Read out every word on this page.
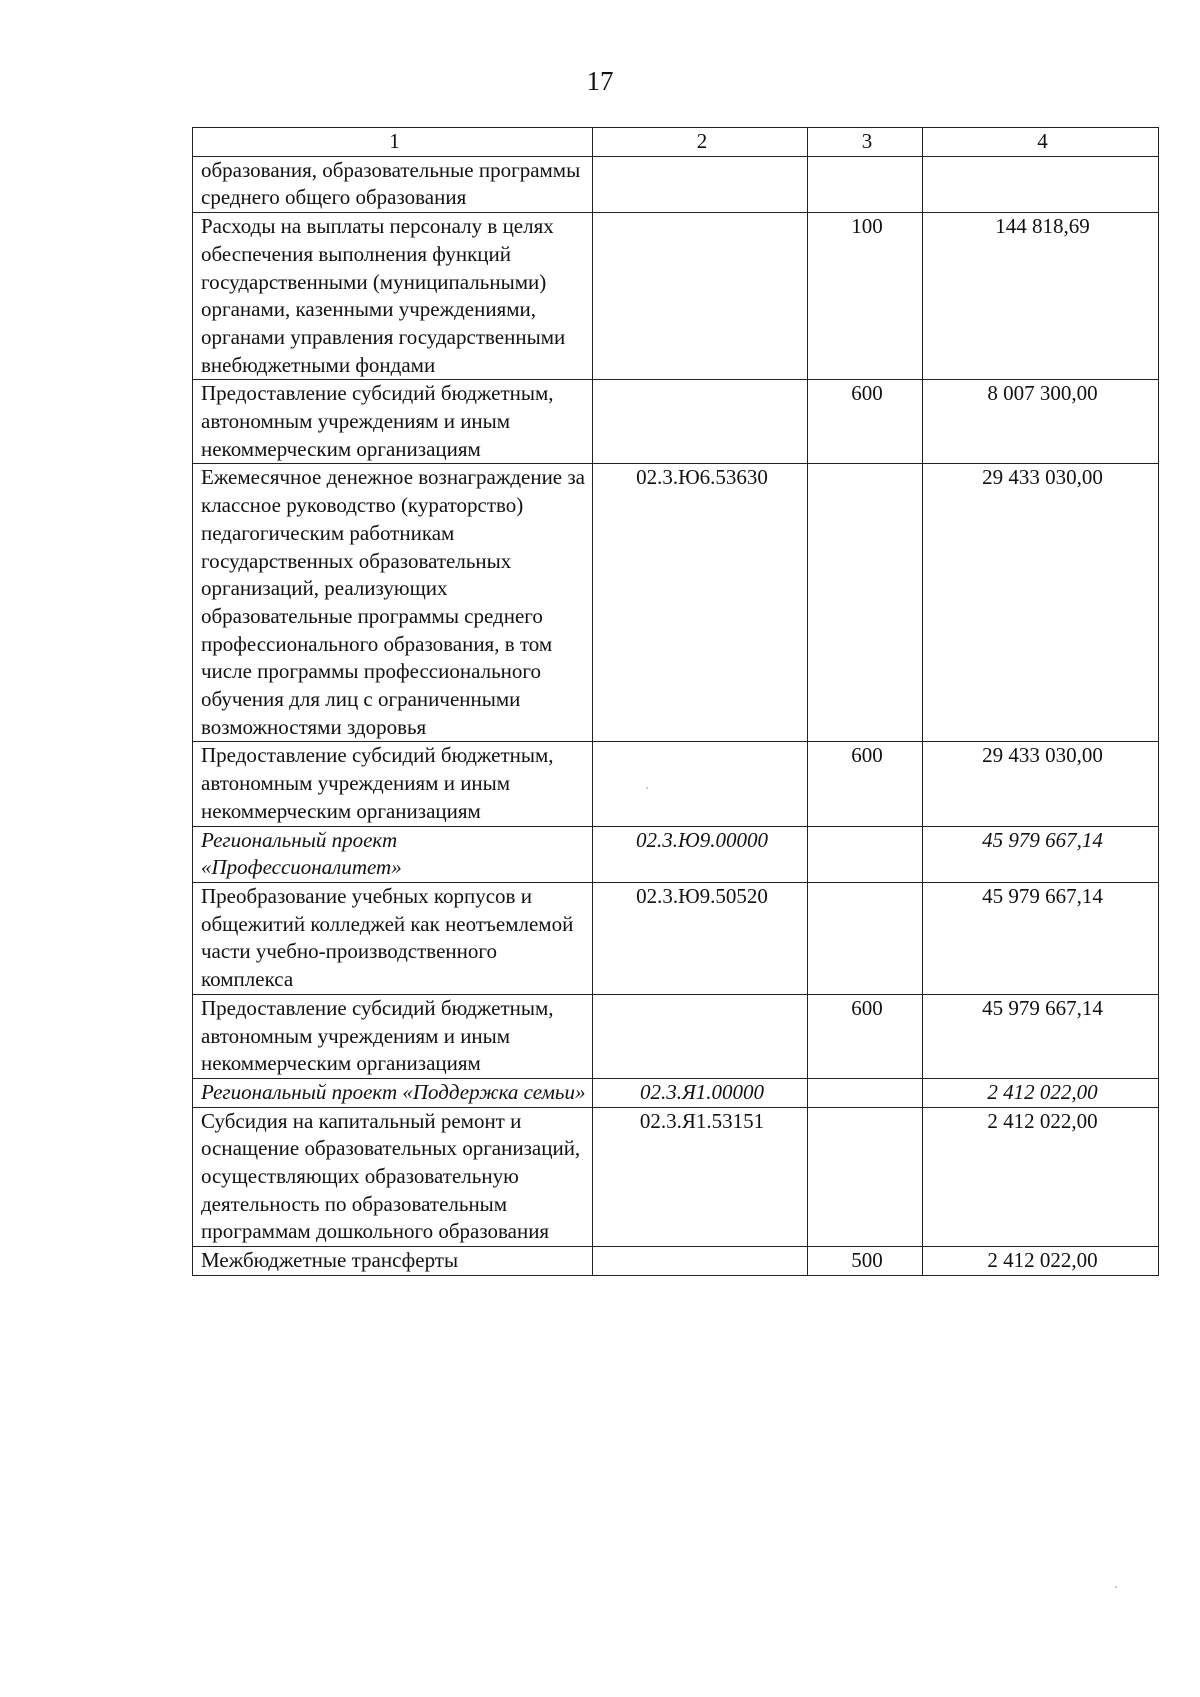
17
1	2	3	4
образования, образовательные программы среднего общего образования			
Расходы на выплаты персоналу в целях обеспечения выполнения функций государственными (муниципальными) органами, казенными учреждениями, органами управления государственными внебюджетными фондами		100	144 818,69
Предоставление субсидий бюджетным, автономным учреждениям и иным некоммерческим организациям		600	8 007 300,00
Ежемесячное денежное вознаграждение за классное руководство (кураторство) педагогическим работникам государственных образовательных организаций, реализующих образовательные программы среднего профессионального образования, в том числе программы профессионального обучения для лиц с ограниченными возможностями здоровья	02.3.Ю6.53630		29 433 030,00
Предоставление субсидий бюджетным, автономным учреждениям и иным некоммерческим организациям		600	29 433 030,00
Региональный проект «Профессионалитет»	02.3.Ю9.00000		45 979 667,14
Преобразование учебных корпусов и общежитий колледжей как неотъемлемой части учебно-производственного комплекса	02.3.Ю9.50520		45 979 667,14
Предоставление субсидий бюджетным, автономным учреждениям и иным некоммерческим организациям		600	45 979 667,14
Региональный проект «Поддержка семьи»	02.3.Я1.00000		2 412 022,00
Субсидия на капитальный ремонт и оснащение образовательных организаций, осуществляющих образовательную деятельность по образовательным программам дошкольного образования	02.3.Я1.53151		2 412 022,00
Межбюджетные трансферты		500	2 412 022,00
